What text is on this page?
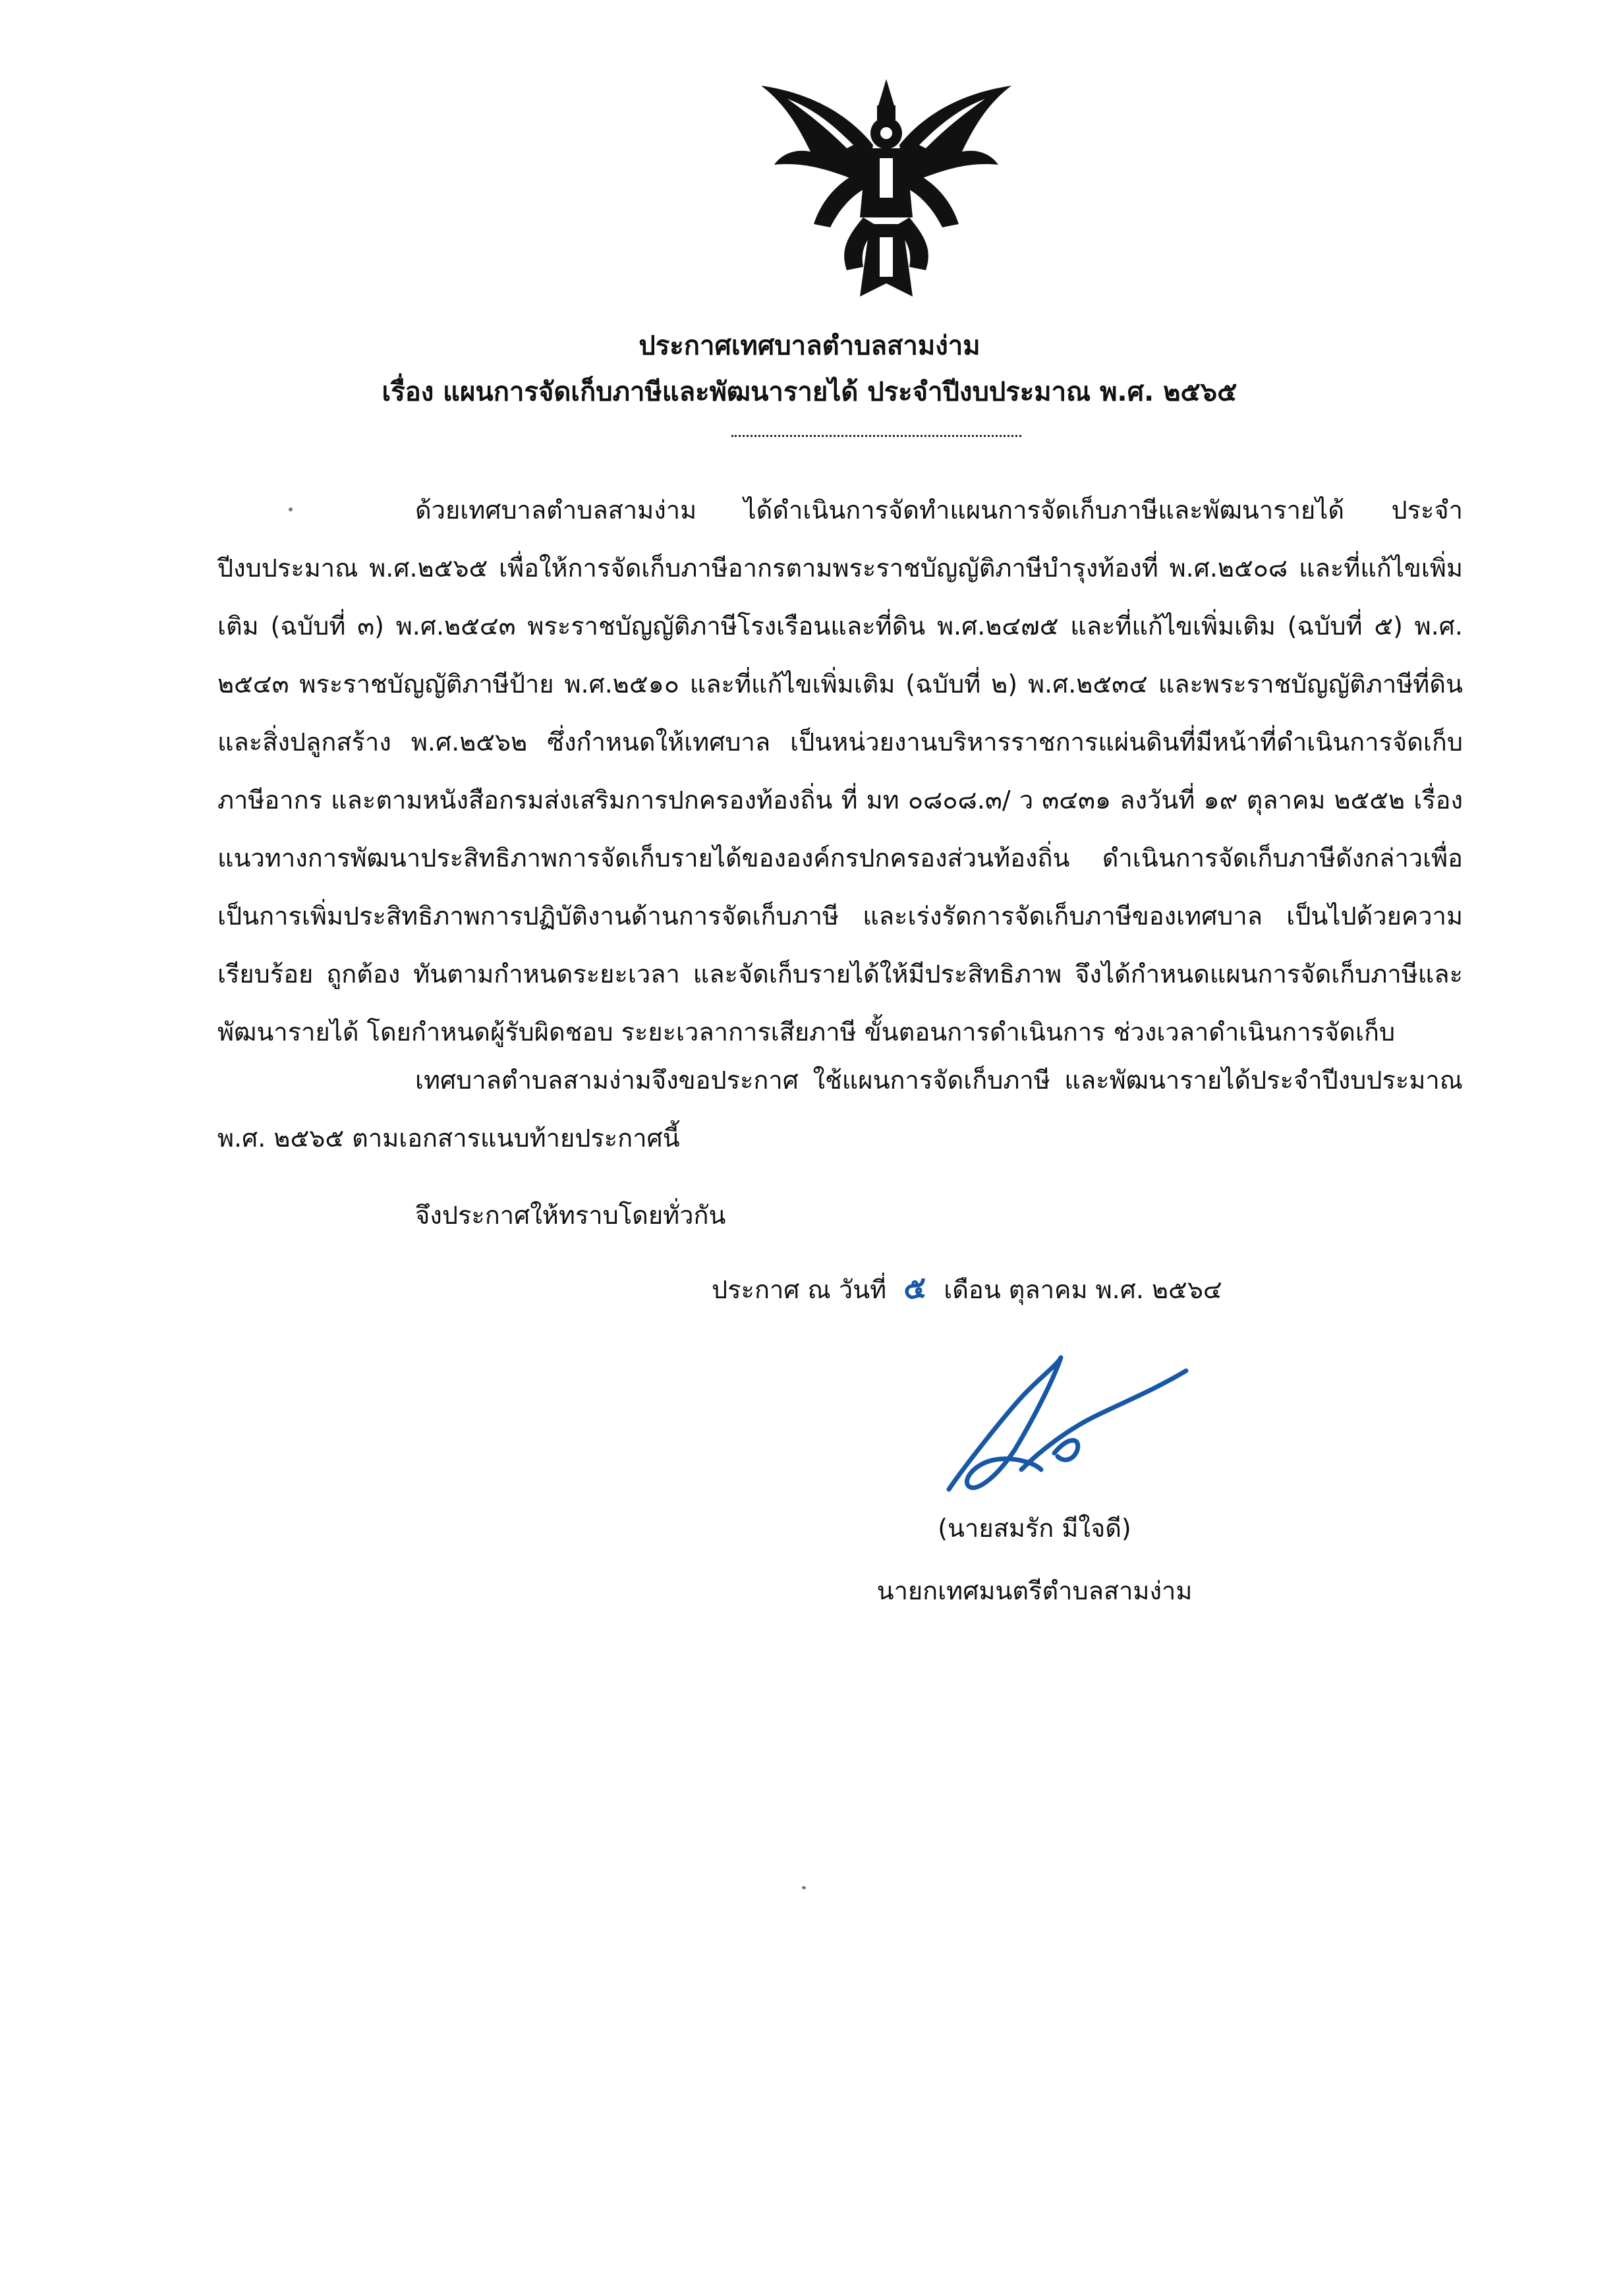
ประกาศเทศบาลตำบลสามง่าม
เรื่อง แผนการจัดเก็บภาษีและพัฒนารายได้ ประจำปีงบประมาณ พ.ศ. ๒๕๖๕
ด้วยเทศบาลตำบลสามง่าม ได้ดำเนินการจัดทำแผนการจัดเก็บภาษีและพัฒนารายได้ ประจำปีงบประมาณ พ.ศ.๒๕๖๕ เพื่อให้การจัดเก็บภาษีอากรตามพระราชบัญญัติภาษีบำรุงท้องที่ พ.ศ.๒๕๐๘ และที่แก้ไขเพิ่มเติม (ฉบับที่ ๓) พ.ศ.๒๕๔๓ พระราชบัญญัติภาษีโรงเรือนและที่ดิน พ.ศ.๒๔๗๕ และที่แก้ไขเพิ่มเติม (ฉบับที่ ๕) พ.ศ. ๒๕๔๓ พระราชบัญญัติภาษีป้าย พ.ศ.๒๕๑๐ และที่แก้ไขเพิ่มเติม (ฉบับที่ ๒) พ.ศ.๒๕๓๔ และพระราชบัญญัติภาษีที่ดินและสิ่งปลูกสร้าง พ.ศ.๒๕๖๒ ซึ่งกำหนดให้เทศบาล เป็นหน่วยงานบริหารราชการแผ่นดินที่มีหน้าที่ดำเนินการจัดเก็บภาษีอากร และตามหนังสือกรมส่งเสริมการปกครองท้องถิ่น ที่ มท ๐๘๐๘.๓/ ว ๓๔๓๑ ลงวันที่ ๑๙ ตุลาคม ๒๕๕๒ เรื่อง แนวทางการพัฒนาประสิทธิภาพการจัดเก็บรายได้ขององค์กรปกครองส่วนท้องถิ่น ดำเนินการจัดเก็บภาษีดังกล่าวเพื่อเป็นการเพิ่มประสิทธิภาพการปฏิบัติงานด้านการจัดเก็บภาษี และเร่งรัดการจัดเก็บภาษีของเทศบาล เป็นไปด้วยความเรียบร้อย ถูกต้อง ทันตามกำหนดระยะเวลา และจัดเก็บรายได้ให้มีประสิทธิภาพ จึงได้กำหนดแผนการจัดเก็บภาษีและพัฒนารายได้ โดยกำหนดผู้รับผิดชอบ ระยะเวลาการเสียภาษี ขั้นตอนการดำเนินการ ช่วงเวลาดำเนินการจัดเก็บ
เทศบาลตำบลสามง่ามจึงขอประกาศ ใช้แผนการจัดเก็บภาษี และพัฒนารายได้ประจำปีงบประมาณ พ.ศ. ๒๕๖๕ ตามเอกสารแนบท้ายประกาศนี้
จึงประกาศให้ทราบโดยทั่วกัน
ประกาศ ณ วันที่ ๕ เดือน ตุลาคม พ.ศ. ๒๕๖๔
(นายสมรัก มีใจดี)
นายกเทศมนตรีตำบลสามง่าม
